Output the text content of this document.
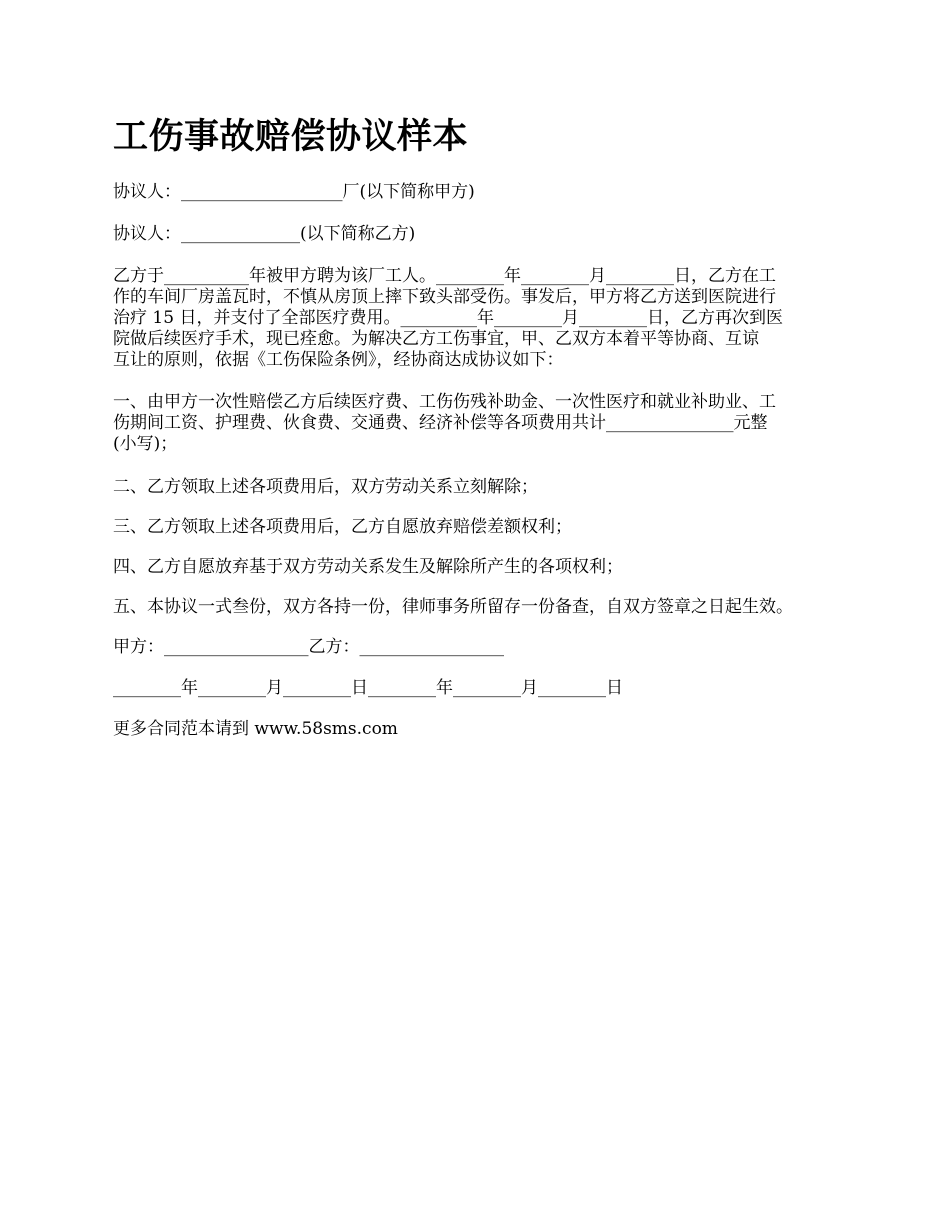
工伤事故赔偿协议样本

协议人：___________________厂(以下简称甲方)

协议人：______________(以下简称乙方)

乙方于__________年被甲方聘为该厂工人。________年________月________日，乙方在工

作的车间厂房盖瓦时，不慎从房顶上摔下致头部受伤。事发后，甲方将乙方送到医院进行

治疗 15 日，并支付了全部医疗费用。_________年________月________日，乙方再次到医

院做后续医疗手术，现已痊愈。为解决乙方工伤事宜，甲、乙双方本着平等协商、互谅

互让的原则，依据《工伤保险条例》，经协商达成协议如下：

一、由甲方一次性赔偿乙方后续医疗费、工伤伤残补助金、一次性医疗和就业补助业、工

伤期间工资、护理费、伙食费、交通费、经济补偿等各项费用共计_______________元整

(小写)；

二、乙方领取上述各项费用后，双方劳动关系立刻解除；

三、乙方领取上述各项费用后，乙方自愿放弃赔偿差额权利；

四、乙方自愿放弃基于双方劳动关系发生及解除所产生的各项权利；

五、本协议一式叁份，双方各持一份，律师事务所留存一份备查，自双方签章之日起生效。

甲方：_________________乙方：_________________

________年________月________日________年________月________日

更多合同范本请到 www.58sms.com
